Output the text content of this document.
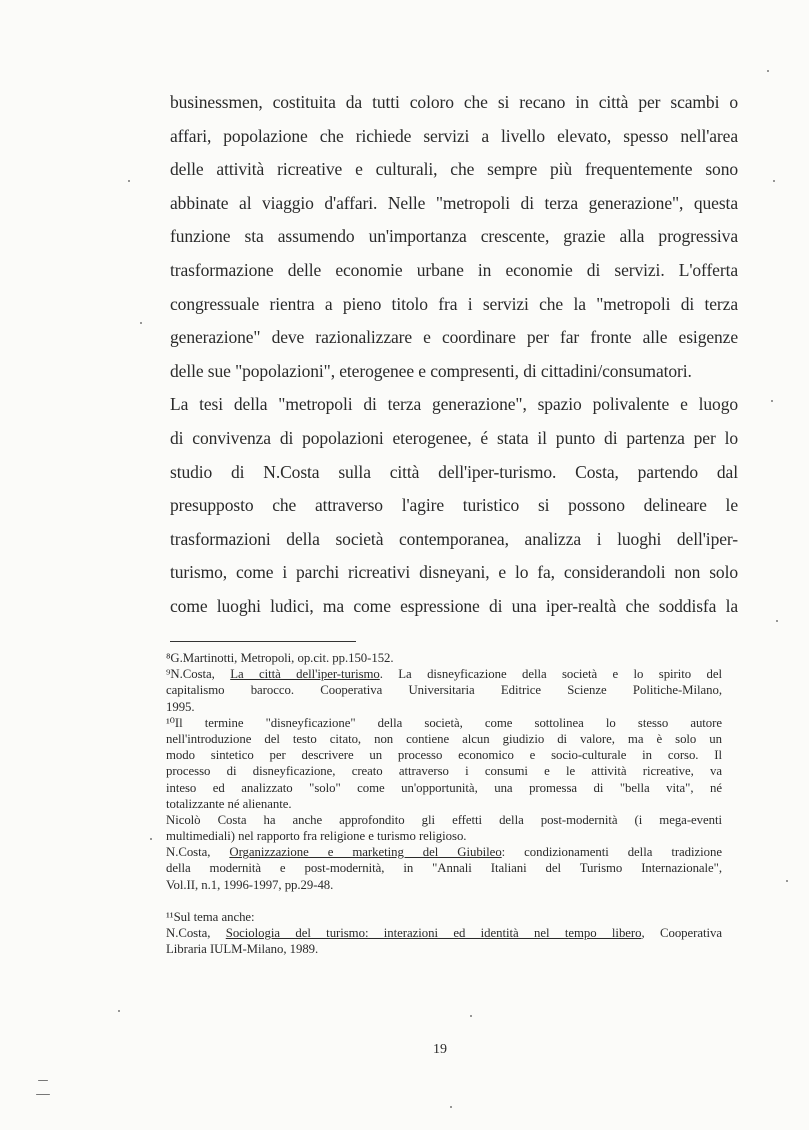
businessmen, costituita da tutti coloro che si recano in città per scambi o
affari, popolazione che richiede servizi a livello elevato, spesso nell'area
delle attività ricreative e culturali, che sempre più frequentemente sono
abbinate al viaggio d'affari. Nelle "metropoli di terza generazione", questa
funzione sta assumendo un'importanza crescente, grazie alla progressiva
trasformazione delle economie urbane in economie di servizi. L'offerta
congressuale rientra a pieno titolo fra i servizi che la "metropoli di terza
generazione" deve razionalizzare e coordinare per far fronte alle esigenze
delle sue "popolazioni", eterogenee e compresenti, di cittadini/consumatori.
La tesi della "metropoli di terza generazione", spazio polivalente e luogo
di convivenza di popolazioni eterogenee, é stata il punto di partenza per lo
studio di N.Costa sulla città dell'iper-turismo. Costa, partendo dal
presupposto che attraverso l'agire turistico si possono delineare le
trasformazioni della società contemporanea, analizza i luoghi dell'iper-
turismo, come i parchi ricreativi disneyani, e lo fa, considerandoli non solo
come luoghi ludici, ma come espressione di una iper-realtà che soddisfa la
⁸G.Martinotti, Metropoli, op.cit. pp.150-152.
⁹N.Costa, La città dell'iper-turismo. La disneyficazione della società e lo spirito del
capitalismo barocco. Cooperativa Universitaria Editrice Scienze Politiche-Milano,
1995.
¹⁰Il termine "disneyficazione" della società, come sottolinea lo stesso autore
nell'introduzione del testo citato, non contiene alcun giudizio di valore, ma è solo un
modo sintetico per descrivere un processo economico e socio-culturale in corso. Il
processo di disneyficazione, creato attraverso i consumi e le attività ricreative, va
inteso ed analizzato "solo" come un'opportunità, una promessa di "bella vita", né
totalizzante né alienante.
Nicolò Costa ha anche approfondito gli effetti della post-modernità (i mega-eventi
multimediali) nel rapporto fra religione e turismo religioso.
N.Costa, Organizzazione e marketing del Giubileo: condizionamenti della tradizione
della modernità e post-modernità, in "Annali Italiani del Turismo Internazionale",
Vol.II, n.1, 1996-1997, pp.29-48.
¹¹Sul tema anche:
N.Costa, Sociologia del turismo: interazioni ed identità nel tempo libero, Cooperativa
Libraria IULM-Milano, 1989.
19
